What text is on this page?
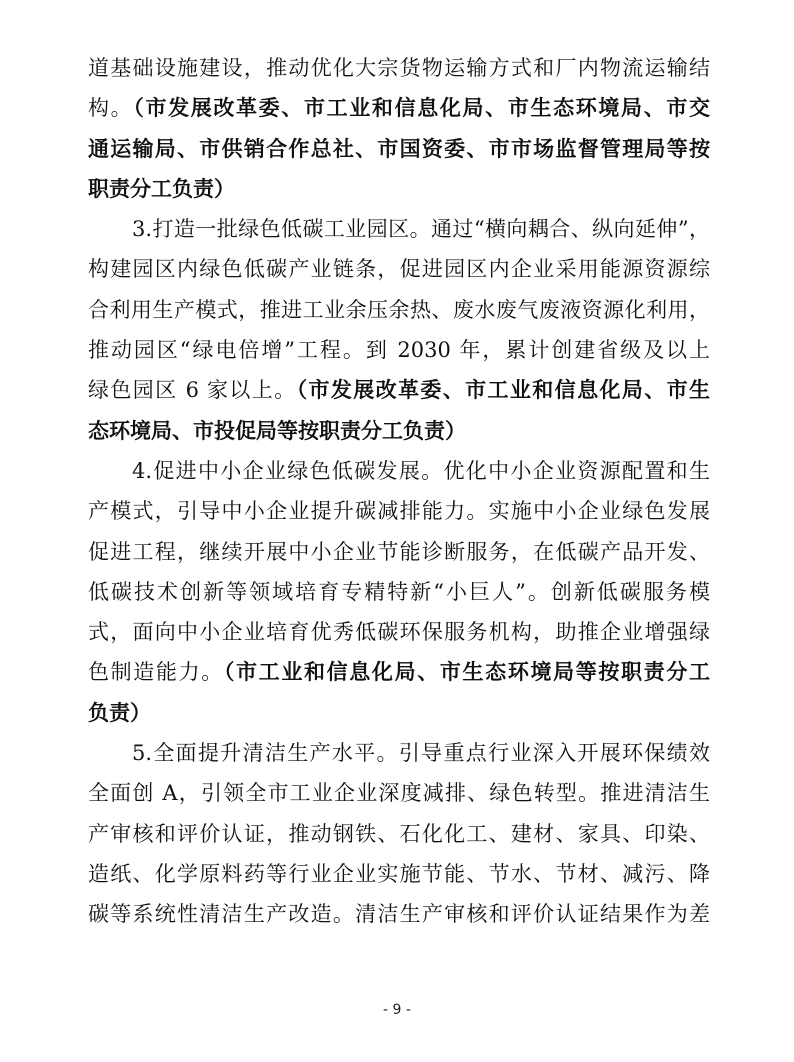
道基础设施建设，推动优化大宗货物运输方式和厂内物流运输结
构。（市发展改革委、市工业和信息化局、市生态环境局、市交
通运输局、市供销合作总社、市国资委、市市场监督管理局等按
职责分工负责）
3.打造一批绿色低碳工业园区。通过“横向耦合、纵向延伸”，
构建园区内绿色低碳产业链条，促进园区内企业采用能源资源综
合利用生产模式，推进工业余压余热、废水废气废液资源化利用，
推动园区“绿电倍增”工程。到 2030 年，累计创建省级及以上
绿色园区 6 家以上。（市发展改革委、市工业和信息化局、市生
态环境局、市投促局等按职责分工负责）
4.促进中小企业绿色低碳发展。优化中小企业资源配置和生
产模式，引导中小企业提升碳减排能力。实施中小企业绿色发展
促进工程，继续开展中小企业节能诊断服务，在低碳产品开发、
低碳技术创新等领域培育专精特新“小巨人”。创新低碳服务模
式，面向中小企业培育优秀低碳环保服务机构，助推企业增强绿
色制造能力。（市工业和信息化局、市生态环境局等按职责分工
负责）
5.全面提升清洁生产水平。引导重点行业深入开展环保绩效
全面创 A，引领全市工业企业深度减排、绿色转型。推进清洁生
产审核和评价认证，推动钢铁、石化化工、建材、家具、印染、
造纸、化学原料药等行业企业实施节能、节水、节材、减污、降
碳等系统性清洁生产改造。清洁生产审核和评价认证结果作为差
- 9 -
